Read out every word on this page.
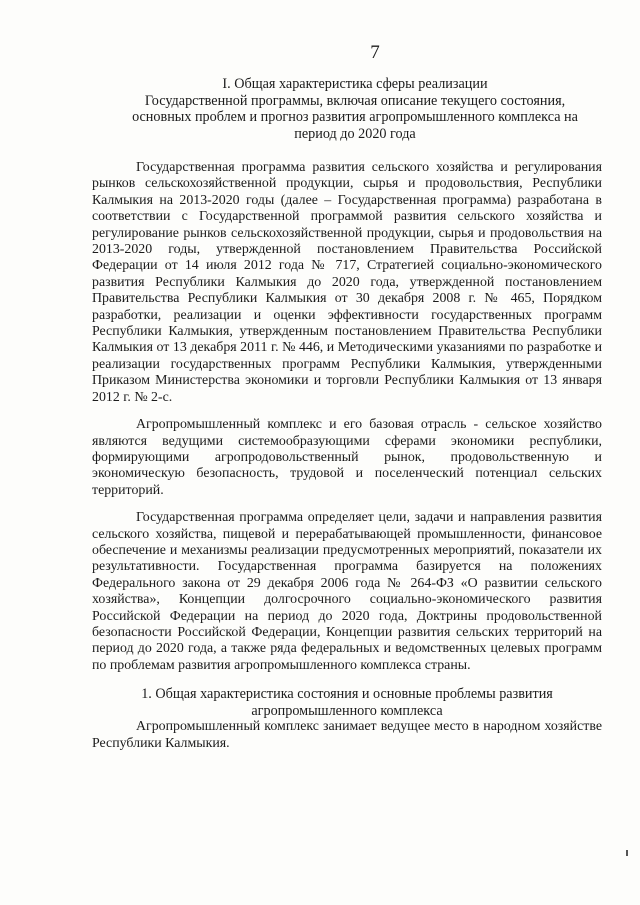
7
I. Общая характеристика сферы реализации
Государственной программы, включая описание текущего состояния,
основных проблем и прогноз развития агропромышленного комплекса на
период до 2020 года

Государственная программа развития сельского хозяйства и регулирования рынков сельскохозяйственной продукции, сырья и продовольствия, Республики Калмыкия на 2013-2020 годы (далее – Государственная программа) разработана в соответствии с Государственной программой развития сельского хозяйства и регулирование рынков сельскохозяйственной продукции, сырья и продовольствия на 2013-2020 годы, утвержденной постановлением Правительства Российской Федерации от 14 июля 2012 года № 717, Стратегией социально-экономического развития Республики Калмыкия до 2020 года, утвержденной постановлением Правительства Республики Калмыкия от 30 декабря 2008 г. № 465, Порядком разработки, реализации и оценки эффективности государственных программ Республики Калмыкия, утвержденным постановлением Правительства Республики Калмыкия от 13 декабря 2011 г. № 446, и Методическими указаниями по разработке и реализации государственных программ Республики Калмыкия, утвержденными Приказом Министерства экономики и торговли Республики Калмыкия от 13 января 2012 г. № 2-с.

Агропромышленный комплекс и его базовая отрасль - сельское хозяйство являются ведущими системообразующими сферами экономики республики, формирующими агропродовольственный рынок, продовольственную и экономическую безопасность, трудовой и поселенческий потенциал сельских территорий.

Государственная программа определяет цели, задачи и направления развития сельского хозяйства, пищевой и перерабатывающей промышленности, финансовое обеспечение и механизмы реализации предусмотренных мероприятий, показатели их результативности. Государственная программа базируется на положениях Федерального закона от 29 декабря 2006 года № 264-ФЗ «О развитии сельского хозяйства», Концепции долгосрочного социально-экономического развития Российской Федерации на период до 2020 года, Доктрины продовольственной безопасности Российской Федерации, Концепции развития сельских территорий на период до 2020 года, а также ряда федеральных и ведомственных целевых программ по проблемам развития агропромышленного комплекса страны.

1. Общая характеристика состояния и основные проблемы развития
агропромышленного комплекса

Агропромышленный комплекс занимает ведущее место в народном хозяйстве Республики Калмыкия.
